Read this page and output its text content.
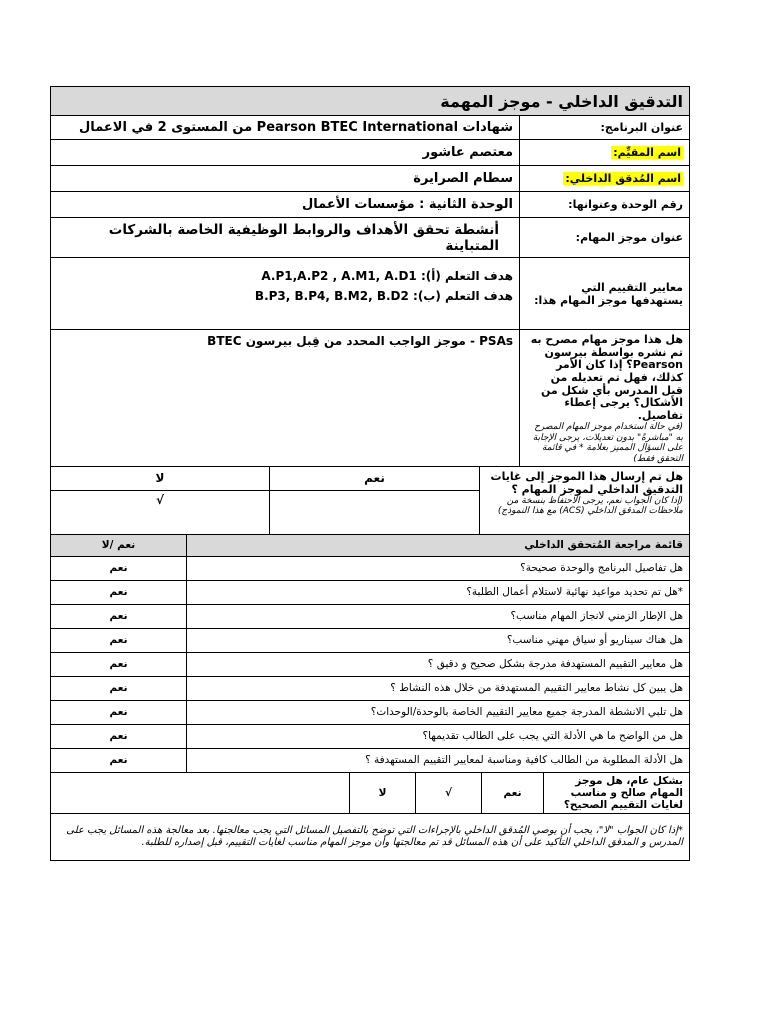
التدقيق الداخلي - موجز المهمة	
عنوان البرنامج:	شهادات Pearson BTEC International من المستوى 2 في الاعمال
اسم المقيِّم:	معتصم عاشور
اسم المُدقق الداخلي:	سطام الصرايرة
رقم الوحدة وعنوانها:	الوحدة الثانية : مؤسسات الأعمال
عنوان موجز المهام:	أنشطة تحقق الأهداف والروابط الوظيفية الخاصة بالشركات المتباينة
معايير التقييم التي يستهدفها موجز المهام هذا:	هدف التعلم (أ): A.P1,A.P2 , A.M1, A.D1
هدف التعلم (ب): B.P3, B.P4, B.M2, B.D2

هل هذا موجز مهام مصرح به تم نشره بواسطة بيرسون Pearson؟ إذا كان الأمر كذلك، فهل تم تعديله من قبل المدرس بأي شكل من الأشكال؟ يرجى إعطاء تفاصيل.
(في حالة استخدام موجز المهام المصرح به "مباشرةً" بدون تعديلات، يرجى الإجابة على السؤال المميز بعلامة * في قائمة التحقق فقط)	PSAs - موجز الواجب المحدد من قِبل بيرسون BTEC
هل تم إرسال هذا الموجز إلى غايات التدقيق الداخلي لموجز المهام ؟
(إذا كان الجواب نعم، يرجى الاحتفاظ بنسخة من ملاحظات المدقق الداخلي (ACS) مع هذا النموذج)	نعم	لا
		√
قائمة مراجعة المُتحقق الداخلي	نعم /لا
هل تفاصيل البرنامج والوحدة صحيحة؟	نعم
*هل تم تحديد مواعيد نهائية لاستلام أعمال الطلبة؟	نعم
هل الإطار الزمني لانجاز المهام مناسب؟	نعم
هل هناك سيناريو أو سياق مهني مناسب؟	نعم
هل معايير التقييم المستهدفة مدرجة بشكل صحيح و دقيق ؟	نعم
هل يبين كل نشاط معايير التقييم المستهدفة من خلال هذه النشاط ؟	نعم
هل تلبي الانشطة المدرجة جميع معايير التقييم الخاصة بالوحدة/الوحدات؟	نعم
هل من الواضح ما هي الأدلة التي يجب على الطالب تقديمها؟	نعم
هل الأدلة المطلوبة من الطالب كافية ومناسبة لمعايير التقييم المستهدفة ؟	نعم
بشكل عام، هل موجز المهام صالح و مناسب لغايات التقييم الصحيح؟	نعم	√	لا	
*إذا كان الجواب "لا"، يجب أن يوصي المُدقق الداخلي بالإجراءات التي توضح بالتفصيل المسائل التي يجب معالجتها. بعد معالجة هذه المسائل يجب على المدرس و المدقق الداخلي التأكيد على أن هذه المسائل قد تم معالجتها وأن موجز المهام مناسب لغايات التقييم، قبل إصداره للطلبة.
